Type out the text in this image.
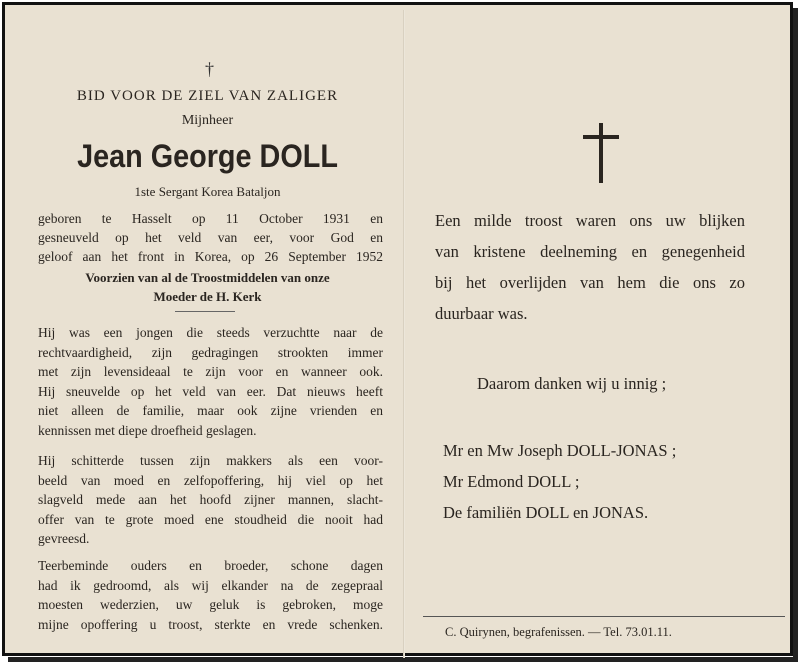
†
BID VOOR DE ZIEL VAN ZALIGER
Mijnheer
Jean George DOLL
1ste Sergant Korea Bataljon
geboren te Hasselt op 11 October 1931 en
gesneuveld op het veld van eer, voor God en
geloof aan het front in Korea, op 26 September 1952
Voorzien van al de Troostmiddelen van onze
Moeder de H. Kerk
Hij was een jongen die steeds verzuchtte naar de
rechtvaardigheid, zijn gedragingen strookten immer
met zijn levensideaal te zijn voor en wanneer ook.
Hij sneuvelde op het veld van eer. Dat nieuws heeft
niet alleen de familie, maar ook zijne vrienden en
kennissen met diepe droefheid geslagen.
Hij schitterde tussen zijn makkers als een voor-
beeld van moed en zelfopoffering, hij viel op het
slagveld mede aan het hoofd zijner mannen, slacht-
offer van te grote moed ene stoudheid die nooit had
gevreesd.
Teerbeminde ouders en broeder, schone dagen
had ik gedroomd, als wij elkander na de zegepraal
moesten wederzien, uw geluk is gebroken, moge
mijne opoffering u troost, sterkte en vrede schenken.
Een milde troost waren ons uw blijken
van kristene deelneming en genegenheid
bij het overlijden van hem die ons zo
duurbaar was.
Daarom danken wij u innig ;
Mr en Mw Joseph DOLL-JONAS ;
Mr Edmond DOLL ;
De familiën DOLL en JONAS.
C. Quirynen, begrafenissen. — Tel. 73.01.11.
